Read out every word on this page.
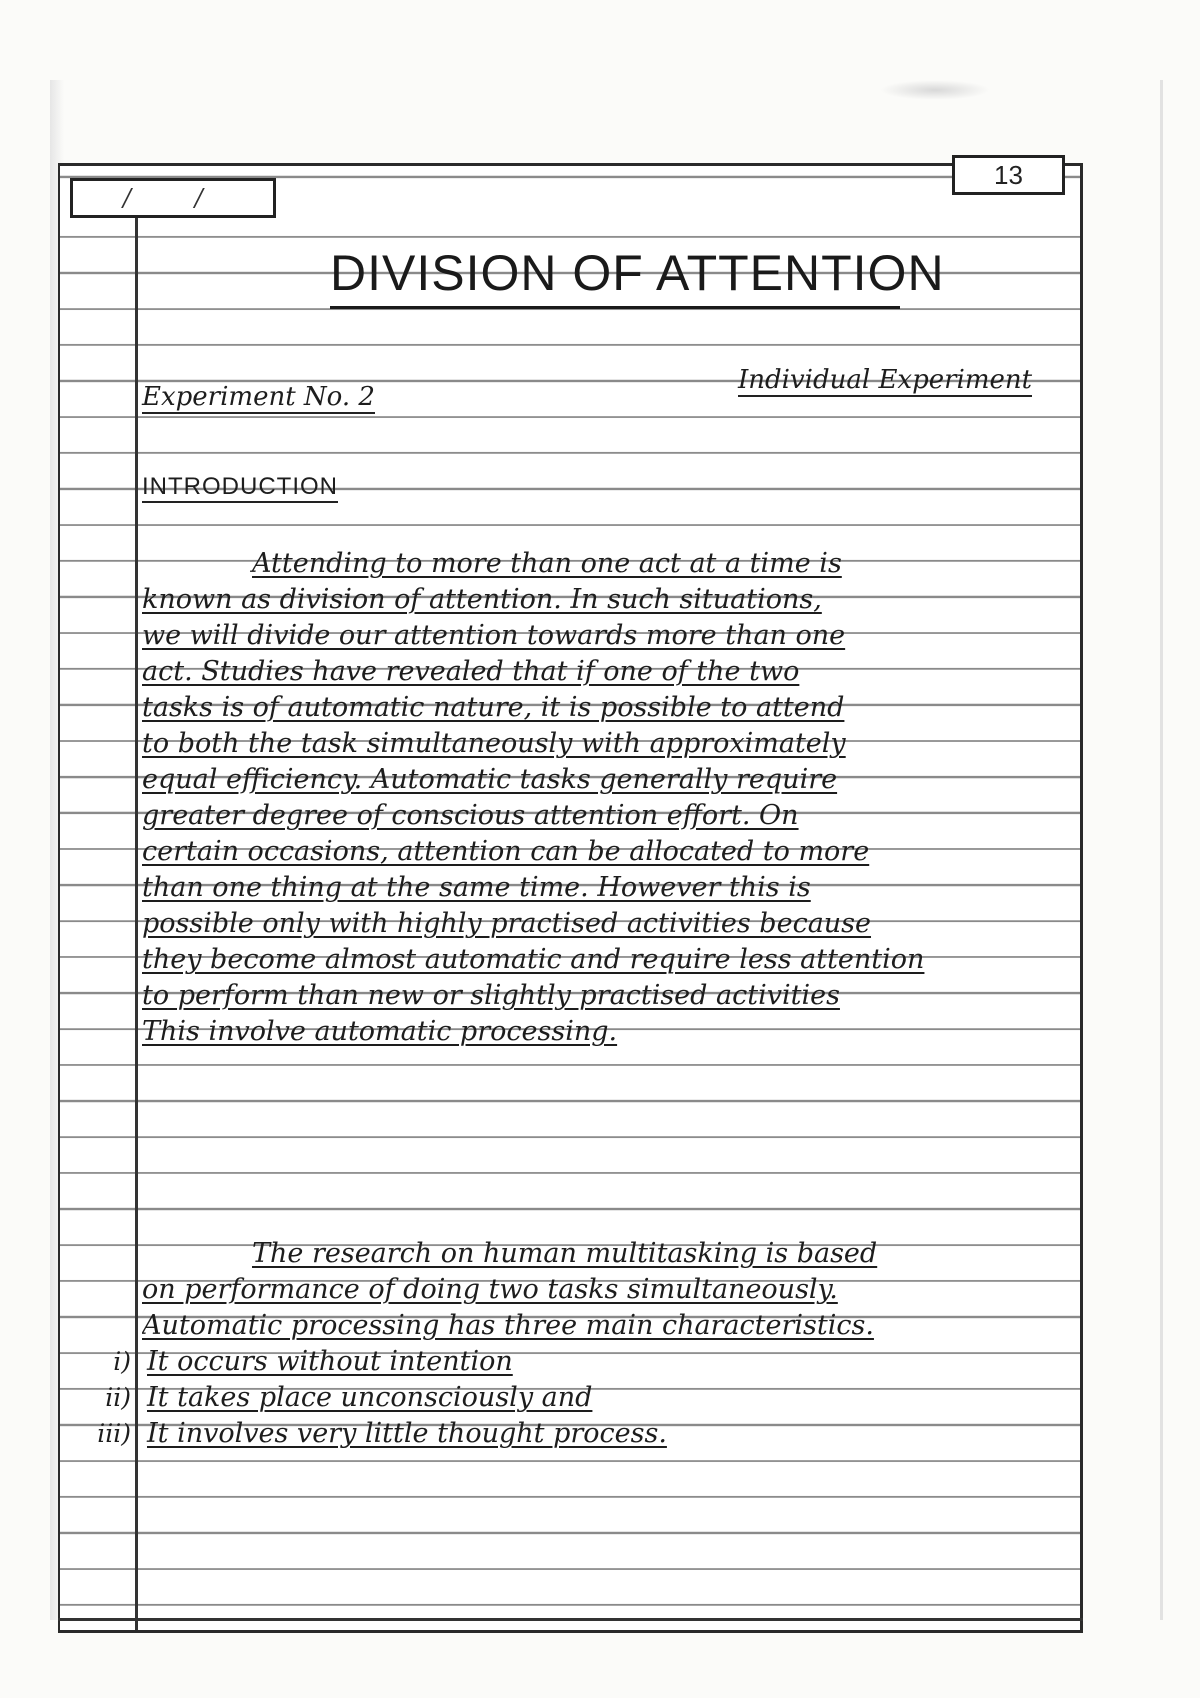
/ /
13
DIVISION OF ATTENTION
Experiment No. 2
Individual Experiment
INTRODUCTION
Attending to more than one act at a time is
known as division of attention. In such situations,
we will divide our attention towards more than one
act. Studies have revealed that if one of the two
tasks is of automatic nature, it is possible to attend
to both the task simultaneously with approximately
equal efficiency. Automatic tasks generally require
greater degree of conscious attention effort. On
certain occasions, attention can be allocated to more
than one thing at the same time. However this is
possible only with highly practised activities because
they become almost automatic and require less attention
to perform than new or slightly practised activities
This involve automatic processing.
The research on human multitasking is based
on performance of doing two tasks simultaneously.
Automatic processing has three main characteristics.
i) It occurs without intention
ii) It takes place unconsciously and
iii) It involves very little thought process.
